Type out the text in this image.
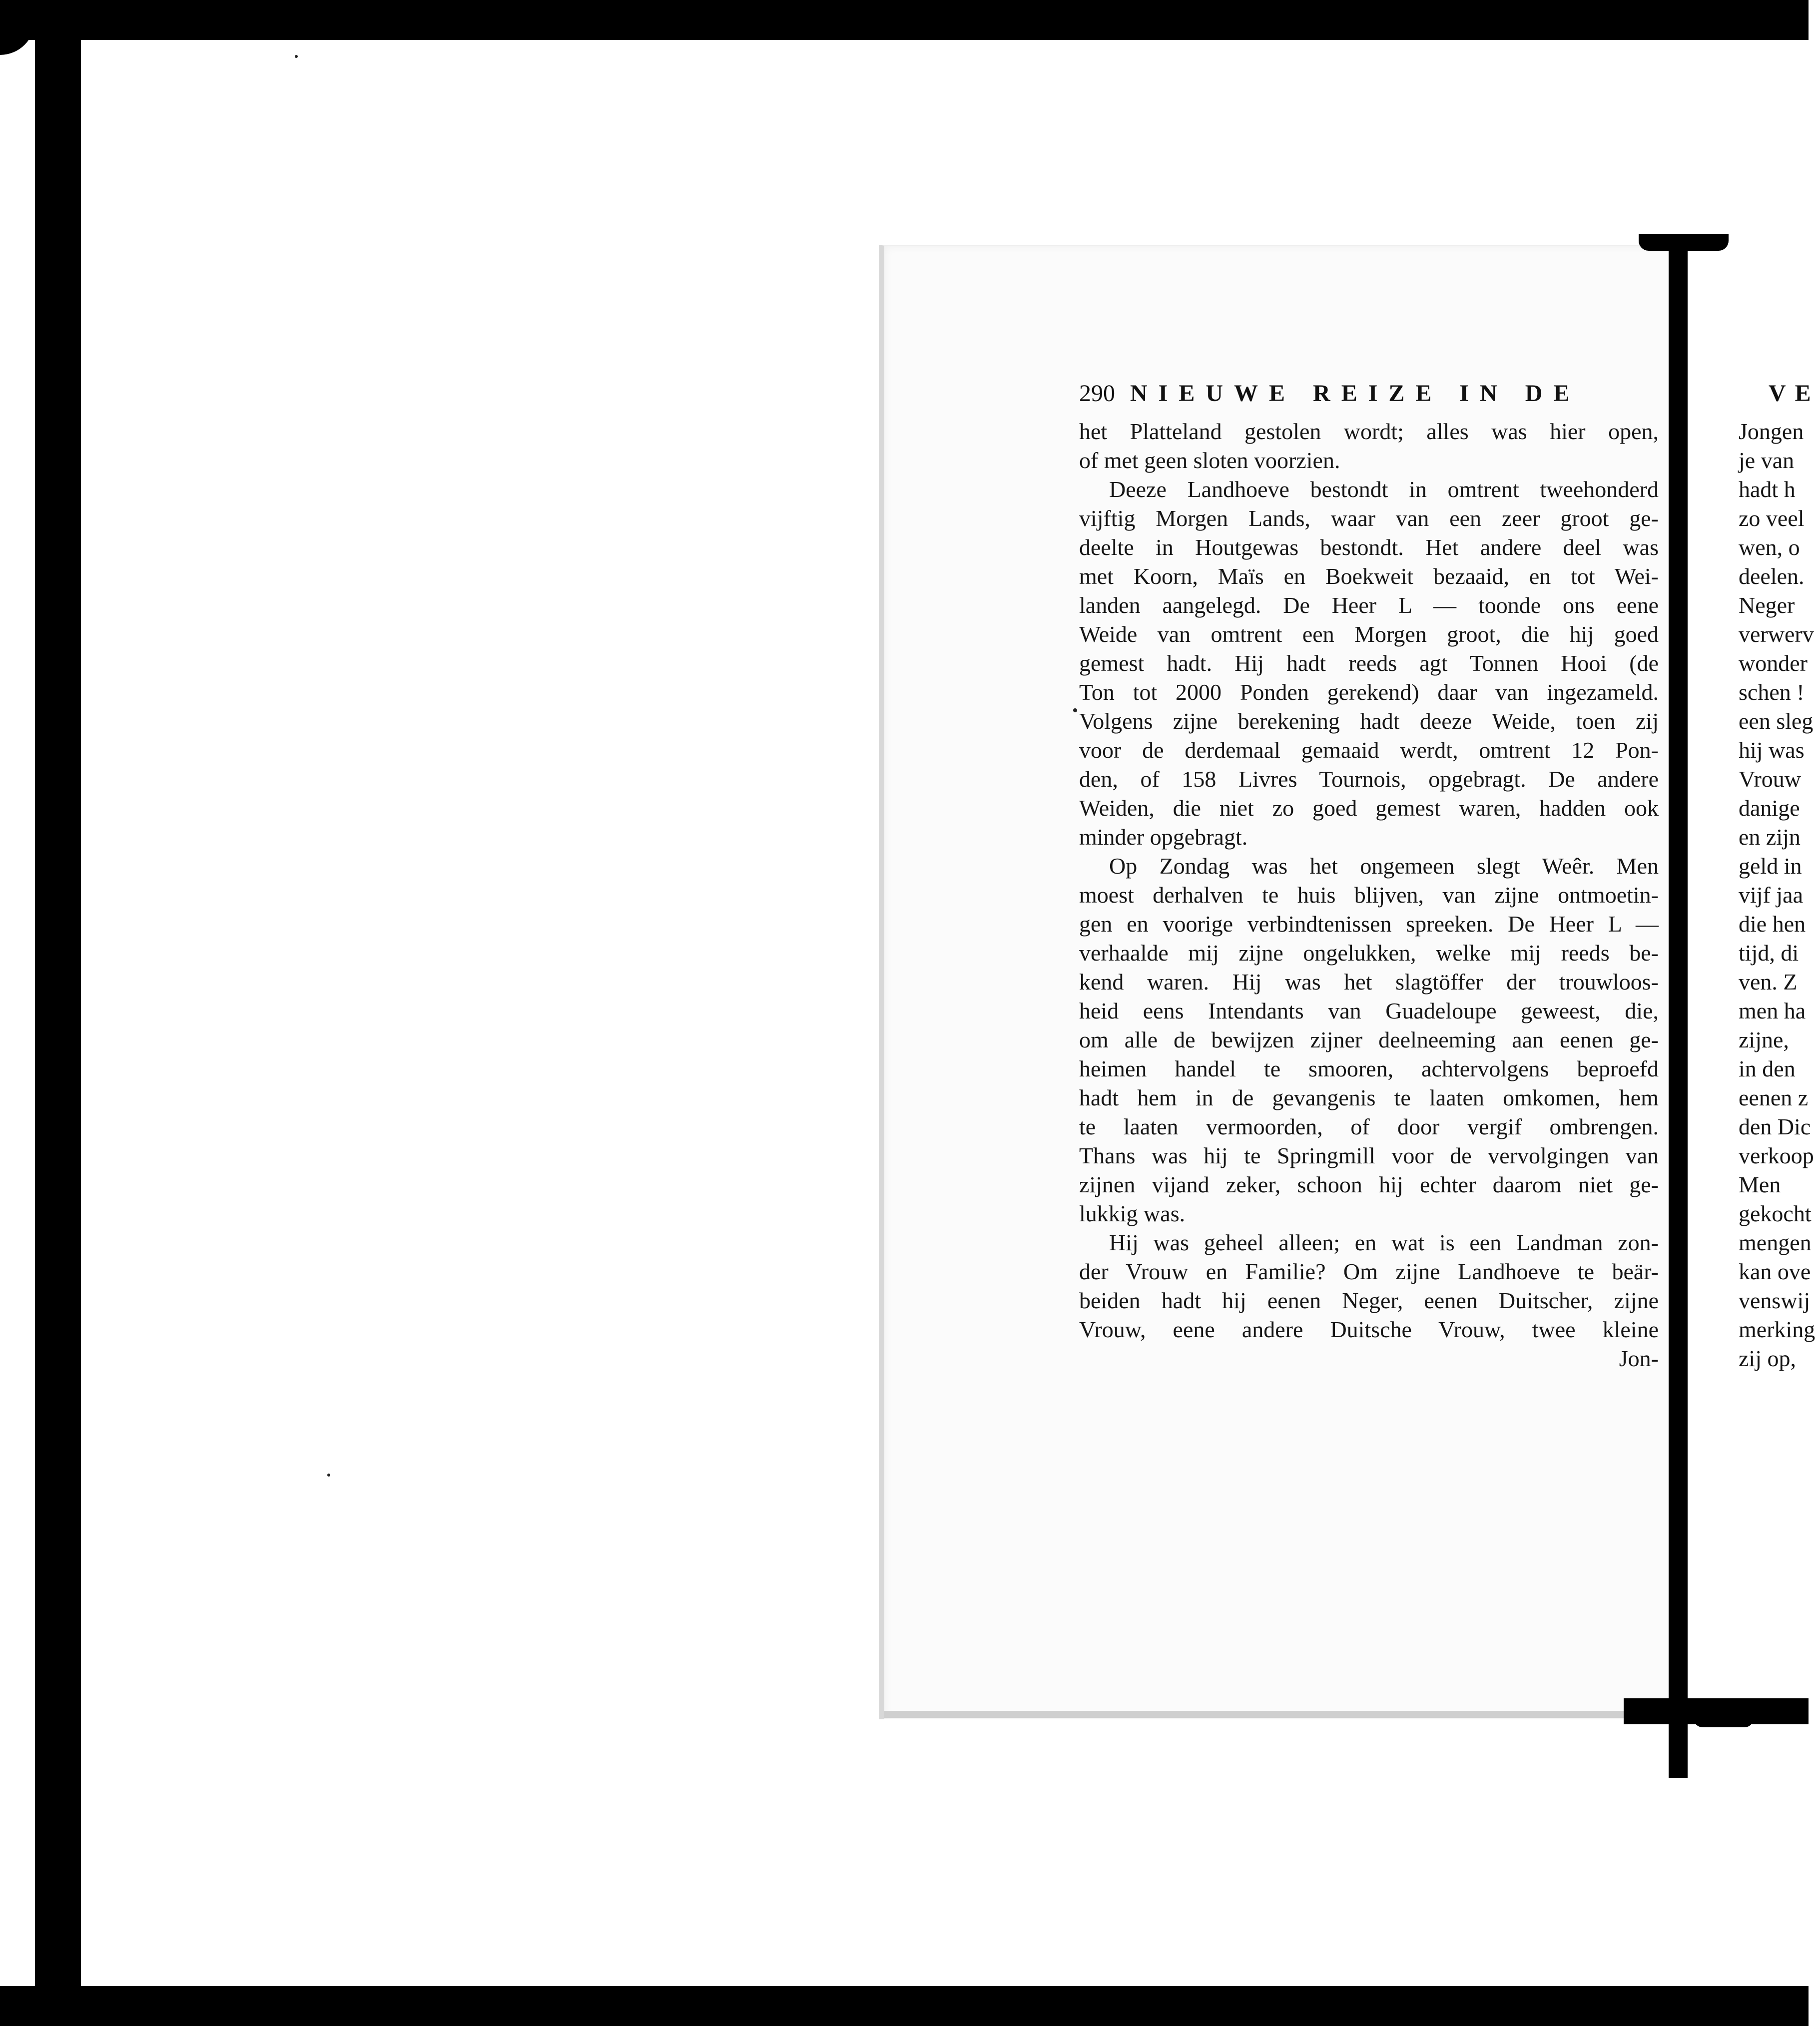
290 NIEUWE REIZE IN DE	VE
het Platteland gestolen wordt; alles was hier open,
of met geen sloten voorzien.
Deeze Landhoeve bestondt in omtrent tweehonderd
vijftig Morgen Lands, waar van een zeer groot ge-
deelte in Houtgewas bestondt. Het andere deel was
met Koorn, Maïs en Boekweit bezaaid, en tot Wei-
landen aangelegd. De Heer L — toonde ons eene
Weide van omtrent een Morgen groot, die hij goed
gemest hadt. Hij hadt reeds agt Tonnen Hooi (de
Ton tot 2000 Ponden gerekend) daar van ingezameld.
Volgens zijne berekening hadt deeze Weide, toen zij
voor de derdemaal gemaaid werdt, omtrent 12 Pon-
den, of 158 Livres Tournois, opgebragt. De andere
Weiden, die niet zo goed gemest waren, hadden ook
minder opgebragt.
Op Zondag was het ongemeen slegt Weêr. Men
moest derhalven te huis blijven, van zijne ontmoetin-
gen en voorige verbindtenissen spreeken. De Heer L —
verhaalde mij zijne ongelukken, welke mij reeds be-
kend waren. Hij was het slagtöffer der trouwloos-
heid eens Intendants van Guadeloupe geweest, die,
om alle de bewijzen zijner deelneeming aan eenen ge-
heimen handel te smooren, achtervolgens beproefd
hadt hem in de gevangenis te laaten omkomen, hem
te laaten vermoorden, of door vergif ombrengen.
Thans was hij te Springmill voor de vervolgingen van
zijnen vijand zeker, schoon hij echter daarom niet ge-
lukkig was.
Hij was geheel alleen; en wat is een Landman zon-
der Vrouw en Familie? Om zijne Landhoeve te beär-
beiden hadt hij eenen Neger, eenen Duitscher, zijne
Vrouw, eene andere Duitsche Vrouw, twee kleine
Jon-
Jongen
je van
hadt h
zo veel
wen, o
deelen.
Neger
verwerv
wonder
schen !
een sleg
hij was
Vrouw
danige
en zijn
geld in
vijf jaa
die hen
tijd, di
ven. Z
men ha
zijne,
in den
eenen z
den Dic
verkoop
Men
gekocht
mengen
kan ove
venswij
merking
zij op,
